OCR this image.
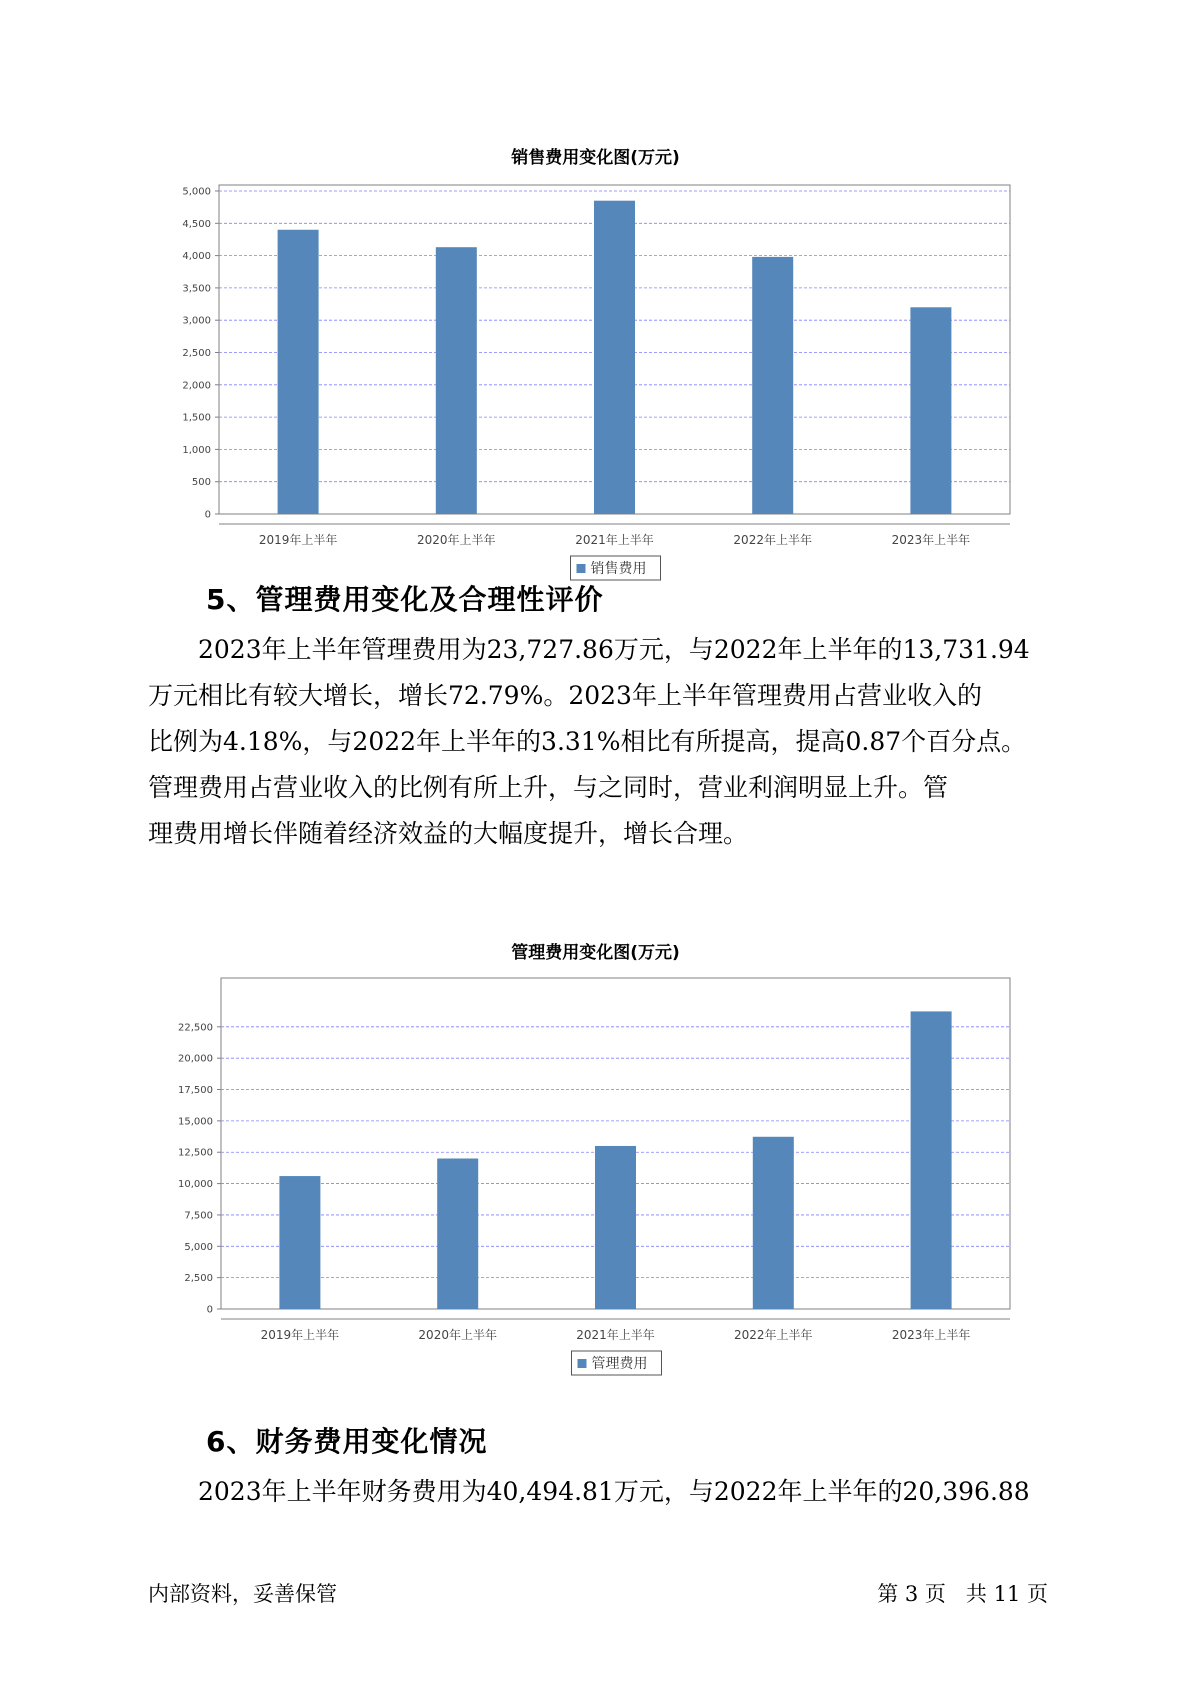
销售费用变化图(万元)
5,000
4,500
4,000
3,500
3,000
2,500
2,000
1,500
1,000
500
0
2019年上半年	2020年上半年	2021年上半年	2022年上半年	2023年上半年
销售费用
5、管理费用变化及合理性评价
2023年上半年管理费用为23,727.86万元，与2022年上半年的13,731.94
万元相比有较大增长，增长72.79%。2023年上半年管理费用占营业收入的
比例为4.18%，与2022年上半年的3.31%相比有所提高，提高0.87个百分点。
管理费用占营业收入的比例有所上升，与之同时，营业利润明显上升。管
理费用增长伴随着经济效益的大幅度提升，增长合理。
管理费用变化图(万元)
22,500
20,000
17,500
15,000
12,500
10,000
7,500
5,000
2,500
0
2019年上半年	2020年上半年	2021年上半年	2022年上半年	2023年上半年
管理费用
6、财务费用变化情况
2023年上半年财务费用为40,494.81万元，与2022年上半年的20,396.88
内部资料，妥善保管	第 3 页   共 11 页
